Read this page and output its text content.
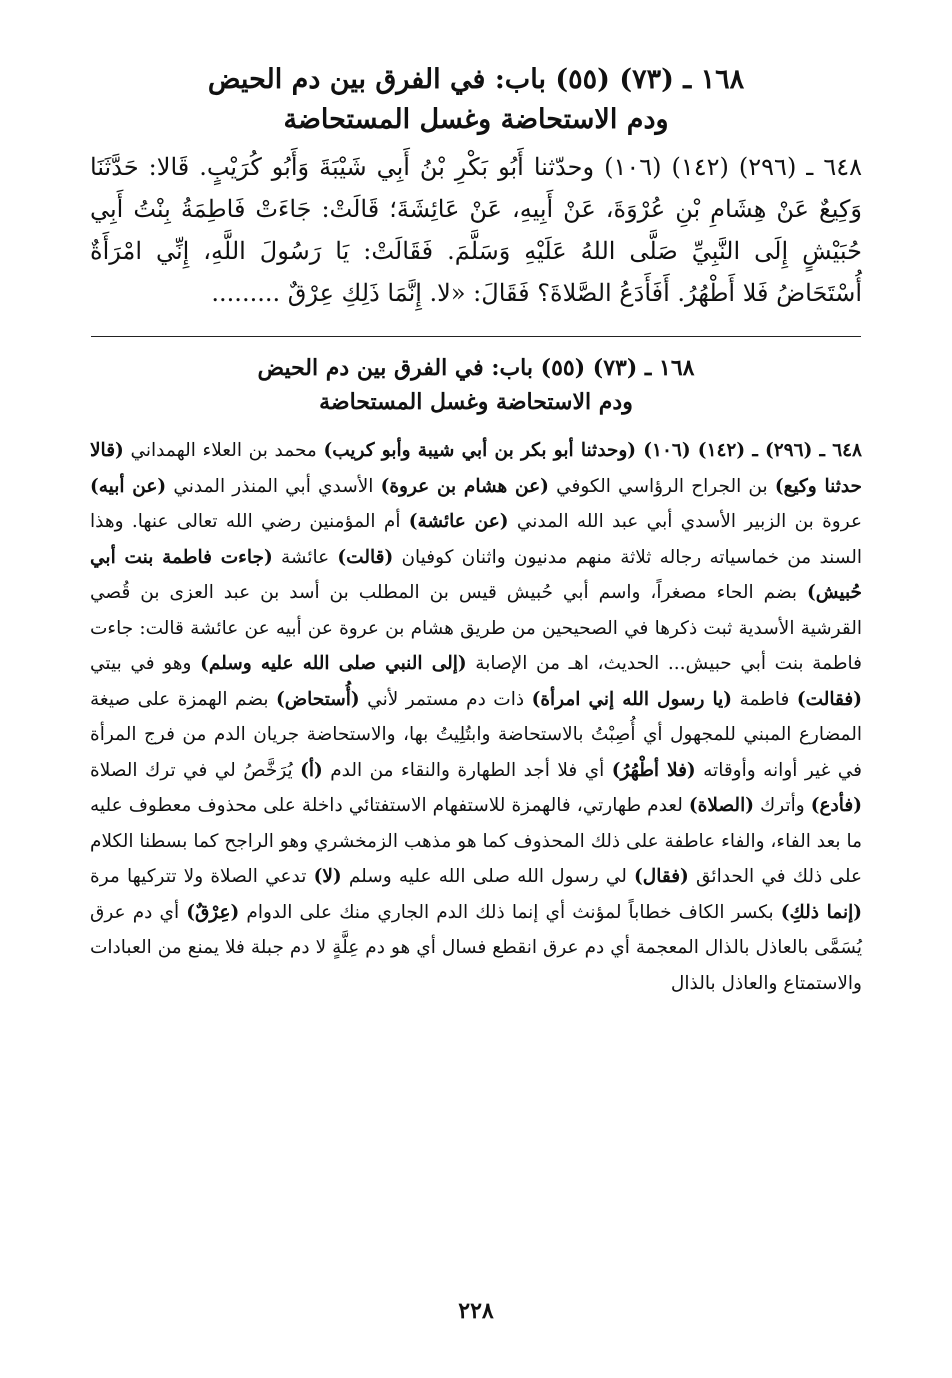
١٦٨ ـ (٧٣) (٥٥) باب: في الفرق بين دم الحيض
ودم الاستحاضة وغسل المستحاضة

٦٤٨ ـ (٢٩٦) (١٤٢) (١٠٦) وحدّثنا أَبُو بَكْرِ بْنُ أَبِي شَيْبَةَ وَأَبُو كُرَيْبٍ. قَالا: حَدَّثَنَا وَكِيعٌ عَنْ هِشَامِ بْنِ عُرْوَةَ، عَنْ أَبِيهِ، عَنْ عَائِشَةَ؛ قَالَتْ: جَاءَتْ فَاطِمَةُ بِنْتُ أَبِي حُبَيْشٍ إِلَى النَّبِيِّ صَلَّى اللهُ عَلَيْهِ وَسَلَّمَ. فَقَالَتْ: يَا رَسُولَ اللَّهِ، إِنِّي امْرَأَةٌ أُسْتَحَاضُ فَلا أَطْهُرُ. أَفَأَدَعُ الصَّلاةَ؟ فَقَالَ: «لا. إِنَّمَا ذَلِكِ عِرْقٌ .........

١٦٨ ـ (٧٣) (٥٥) باب: في الفرق بين دم الحيض
ودم الاستحاضة وغسل المستحاضة

٦٤٨ ـ (٢٩٦) ـ (١٤٢) (١٠٦) (وحدثنا أبو بكر بن أبي شيبة وأبو كريب) محمد بن العلاء الهمداني (قالا حدثنا وكيع) بن الجراح الرؤاسي الكوفي (عن هشام بن عروة) الأسدي أبي المنذر المدني (عن أبيه) عروة بن الزبير الأسدي أبي عبد الله المدني (عن عائشة) أم المؤمنين رضي الله تعالى عنها. وهذا السند من خماسياته رجاله ثلاثة منهم مدنيون واثنان كوفيان (قالت) عائشة (جاءت فاطمة بنت أبي حُبيش) بضم الحاء مصغراً، واسم أبي حُبيش قيس بن المطلب بن أسد بن عبد العزى بن قُصي القرشية الأسدية ثبت ذكرها في الصحيحين من طريق هشام بن عروة عن أبيه عن عائشة قالت: جاءت فاطمة بنت أبي حبيش... الحديث، اهـ من الإصابة (إلى النبي صلى الله عليه وسلم) وهو في بيتي (فقالت) فاطمة (يا رسول الله إني امرأة) ذات دم مستمر لأني (أُستحاض) بضم الهمزة على صيغة المضارع المبني للمجهول أي أُصِبْتُ بالاستحاضة وابتُلِيتُ بها، والاستحاضة جريان الدم من فرج المرأة في غير أوانه وأوقاته (فلا أطْهُرُ) أي فلا أجد الطهارة والنقاء من الدم (أ) يُرَخَّصُ لي في ترك الصلاة (فأدع) وأترك (الصلاة) لعدم طهارتي، فالهمزة للاستفهام الاستفتائي داخلة على محذوف معطوف عليه ما بعد الفاء، والفاء عاطفة على ذلك المحذوف كما هو مذهب الزمخشري وهو الراجح كما بسطنا الكلام على ذلك في الحدائق (فقال) لي رسول الله صلى الله عليه وسلم (لا) تدعي الصلاة ولا تتركيها مرة (إنما ذلكِ) بكسر الكاف خطاباً لمؤنث أي إنما ذلك الدم الجاري منك على الدوام (عِرْقٌ) أي دم عرق يُسَمَّى بالعاذل بالذال المعجمة أي دم عرق انقطع فسال أي هو دم عِلَّةٍ لا دم جبلة فلا يمنع من العبادات والاستمتاع والعاذل بالذال

٢٢٨
